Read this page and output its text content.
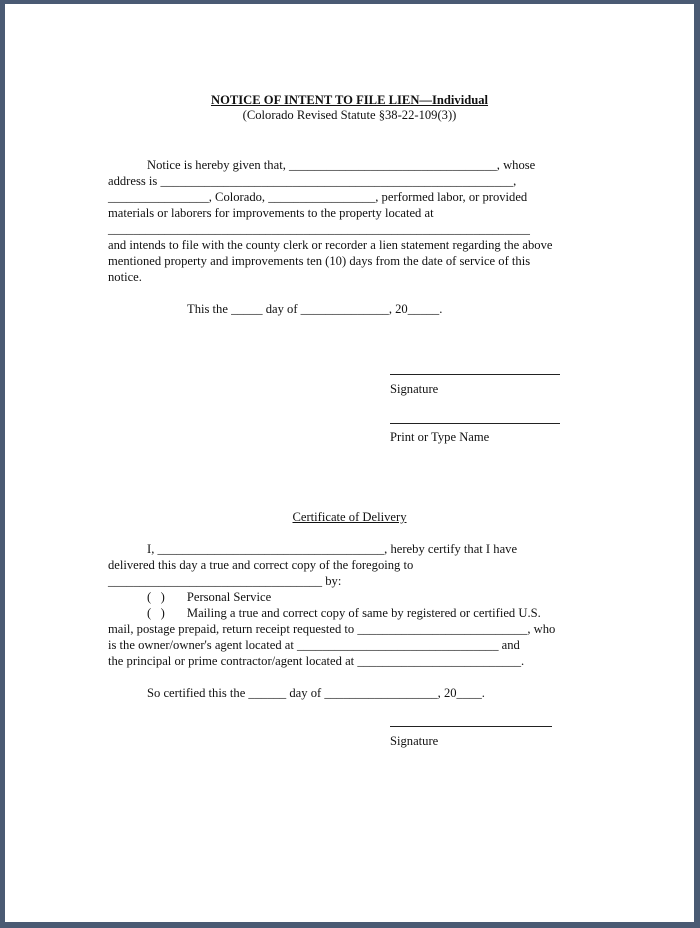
NOTICE OF INTENT TO FILE LIEN—Individual
(Colorado Revised Statute §38-22-109(3))
Notice is hereby given that, _________________________________, whose
address is ________________________________________________________,
________________, Colorado, _________________, performed labor, or provided
materials or laborers for improvements to the property located at
___________________________________________________________________
and intends to file with the county clerk or recorder a lien statement regarding the above
mentioned property and improvements ten (10) days from the date of service of this
notice.
This the _____ day of ______________, 20_____.
Signature
Print or Type Name
Certificate of Delivery
I, ____________________________________, hereby certify that I have
delivered this day a true and correct copy of the foregoing to
__________________________________ by:
(   )       Personal Service
(   )       Mailing a true and correct copy of same by registered or certified U.S.
mail, postage prepaid, return receipt requested to ___________________________, who
is the owner/owner's agent located at ________________________________ and
the principal or prime contractor/agent located at __________________________.
So certified this the ______ day of __________________, 20____.
Signature
